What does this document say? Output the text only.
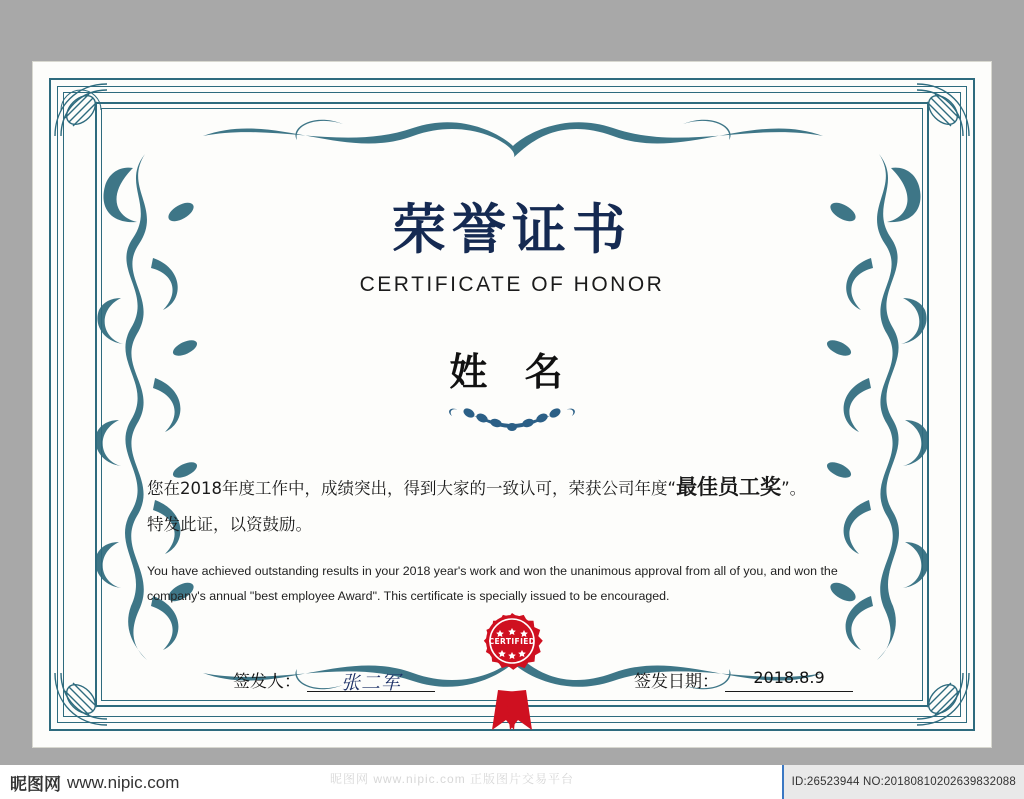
荣誉证书
CERTIFICATE OF HONOR
姓 名
您在2018年度工作中，成绩突出，得到大家的一致认可，荣获公司年度“最佳员工奖”。
特发此证，以资鼓励。
You have achieved outstanding results in your 2018 year's work and won the unanimous approval from all of you, and won the company's annual "best employee Award". This certificate is specially issued to be encouraged.
CERTIFIED
签发人：	张二军	签发日期：	2018.8.9
昵图网 www.nipic.com	ID:26523944 NO:20180810202639832088
昵图网 www.nipic.com 正版图片交易平台
